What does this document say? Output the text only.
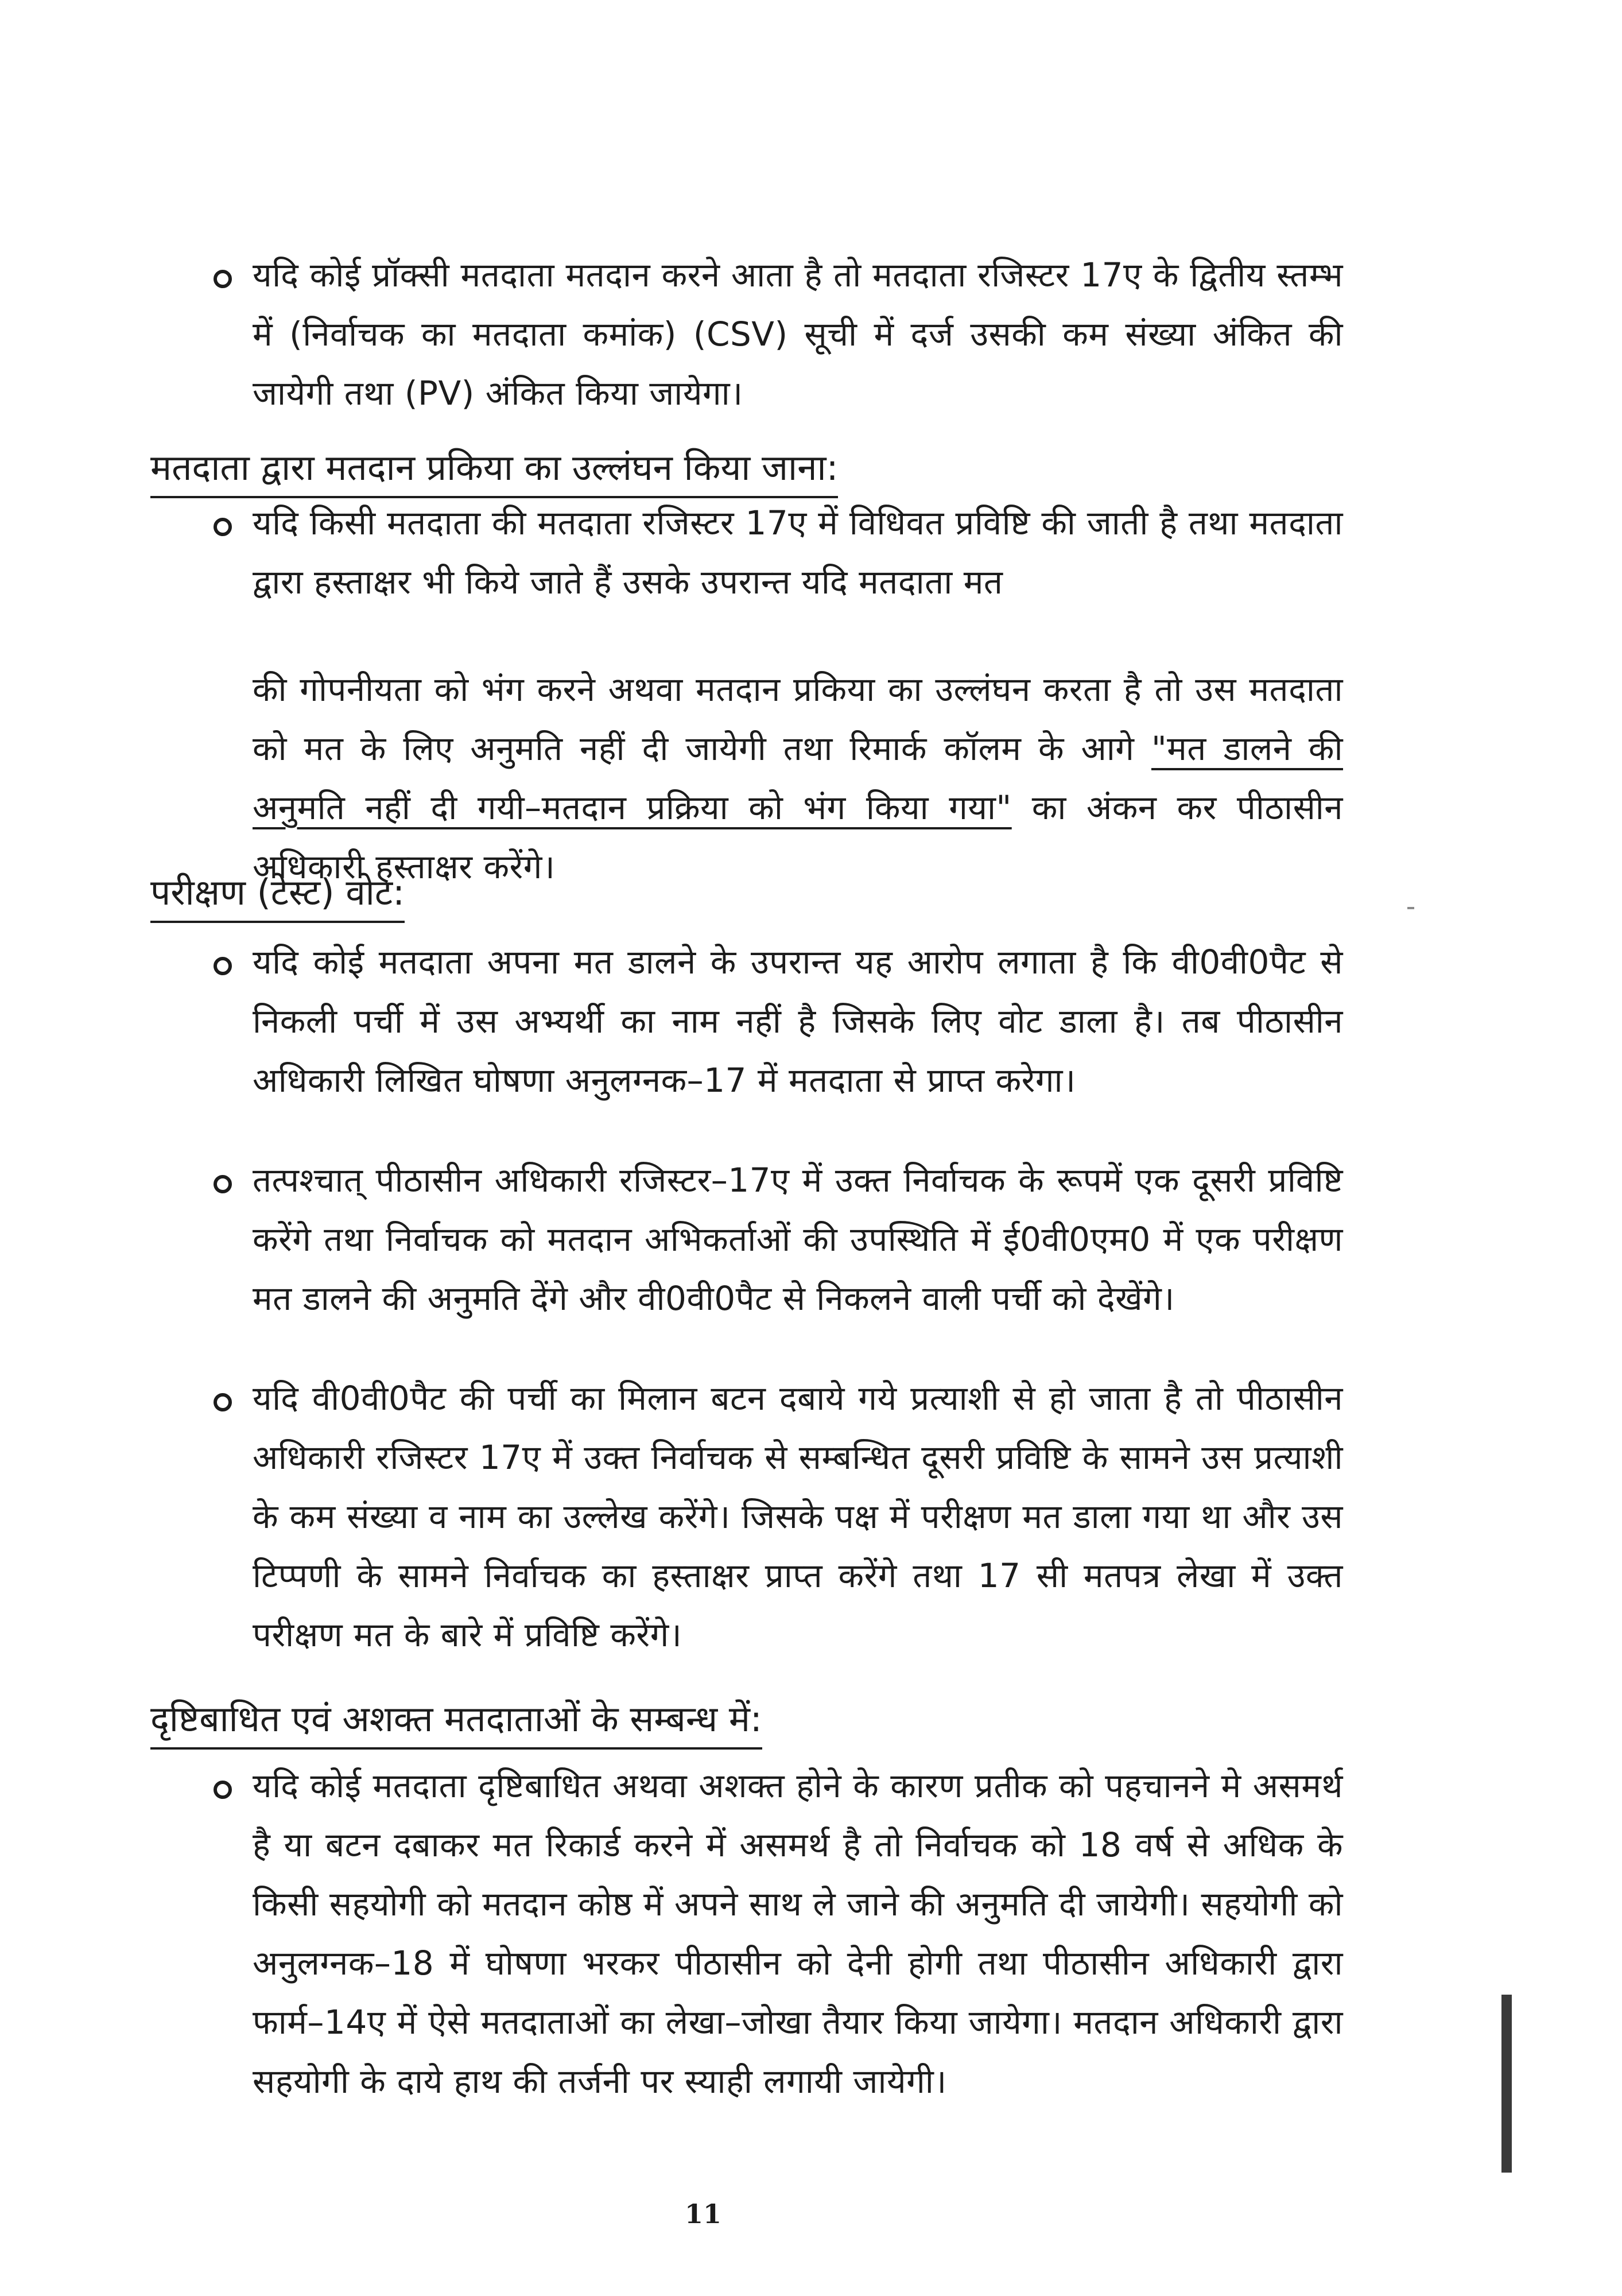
यदि कोई प्रॉक्सी मतदाता मतदान करने आता है तो मतदाता रजिस्टर 17ए के द्वितीय स्तम्भ में (निर्वाचक का मतदाता कमांक) (CSV) सूची में दर्ज उसकी कम संख्या अंकित की जायेगी तथा (PV) अंकित किया जायेगा।
मतदाता द्वारा मतदान प्रकिया का उल्लंघन किया जाना:
यदि किसी मतदाता की मतदाता रजिस्टर 17ए में विधिवत प्रविष्टि की जाती है तथा मतदाता द्वारा हस्ताक्षर भी किये जाते हैं उसके उपरान्त यदि मतदाता मत
की गोपनीयता को भंग करने अथवा मतदान प्रकिया का उल्लंघन करता है तो उस मतदाता को मत के लिए अनुमति नहीं दी जायेगी तथा रिमार्क कॉलम के आगे "मत डालने की अनुमति नहीं दी गयी–मतदान प्रक्रिया को भंग किया गया" का अंकन कर पीठासीन अधिकारी हस्ताक्षर करेंगे।
परीक्षण (टेस्ट) वोट:
यदि कोई मतदाता अपना मत डालने के उपरान्त यह आरोप लगाता है कि वी0वी0पैट से निकली पर्ची में उस अभ्यर्थी का नाम नहीं है जिसके लिए वोट डाला है। तब पीठासीन अधिकारी लिखित घोषणा अनुलग्नक–17 में मतदाता से प्राप्त करेगा।
तत्पश्चात् पीठासीन अधिकारी रजिस्टर–17ए में उक्त निर्वाचक के रूपमें एक दूसरी प्रविष्टि करेंगे तथा निर्वाचक को मतदान अभिकर्ताओं की उपस्थिति में ई0वी0एम0 में एक परीक्षण मत डालने की अनुमति देंगे और वी0वी0पैट से निकलने वाली पर्ची को देखेंगे।
यदि वी0वी0पैट की पर्ची का मिलान बटन दबाये गये प्रत्याशी से हो जाता है तो पीठासीन अधिकारी रजिस्टर 17ए में उक्त निर्वाचक से सम्बन्धित दूसरी प्रविष्टि के सामने उस प्रत्याशी के कम संख्या व नाम का उल्लेख करेंगे। जिसके पक्ष में परीक्षण मत डाला गया था और उस टिप्पणी के सामने निर्वाचक का हस्ताक्षर प्राप्त करेंगे तथा 17 सी मतपत्र लेखा में उक्त परीक्षण मत के बारे में प्रविष्टि करेंगे।
दृष्टिबाधित एवं अशक्त मतदाताओं के सम्बन्ध में:
यदि कोई मतदाता दृष्टिबाधित अथवा अशक्त होने के कारण प्रतीक को पहचानने मे असमर्थ है या बटन दबाकर मत रिकार्ड करने में असमर्थ है तो निर्वाचक को 18 वर्ष से अधिक के किसी सहयोगी को मतदान कोष्ठ में अपने साथ ले जाने की अनुमति दी जायेगी। सहयोगी को अनुलग्नक–18 में घोषणा भरकर पीठासीन को देनी होगी तथा पीठासीन अधिकारी द्वारा फार्म–14ए में ऐसे मतदाताओं का लेखा–जोखा तैयार किया जायेगा। मतदान अधिकारी द्वारा सहयोगी के दाये हाथ की तर्जनी पर स्याही लगायी जायेगी।
11
